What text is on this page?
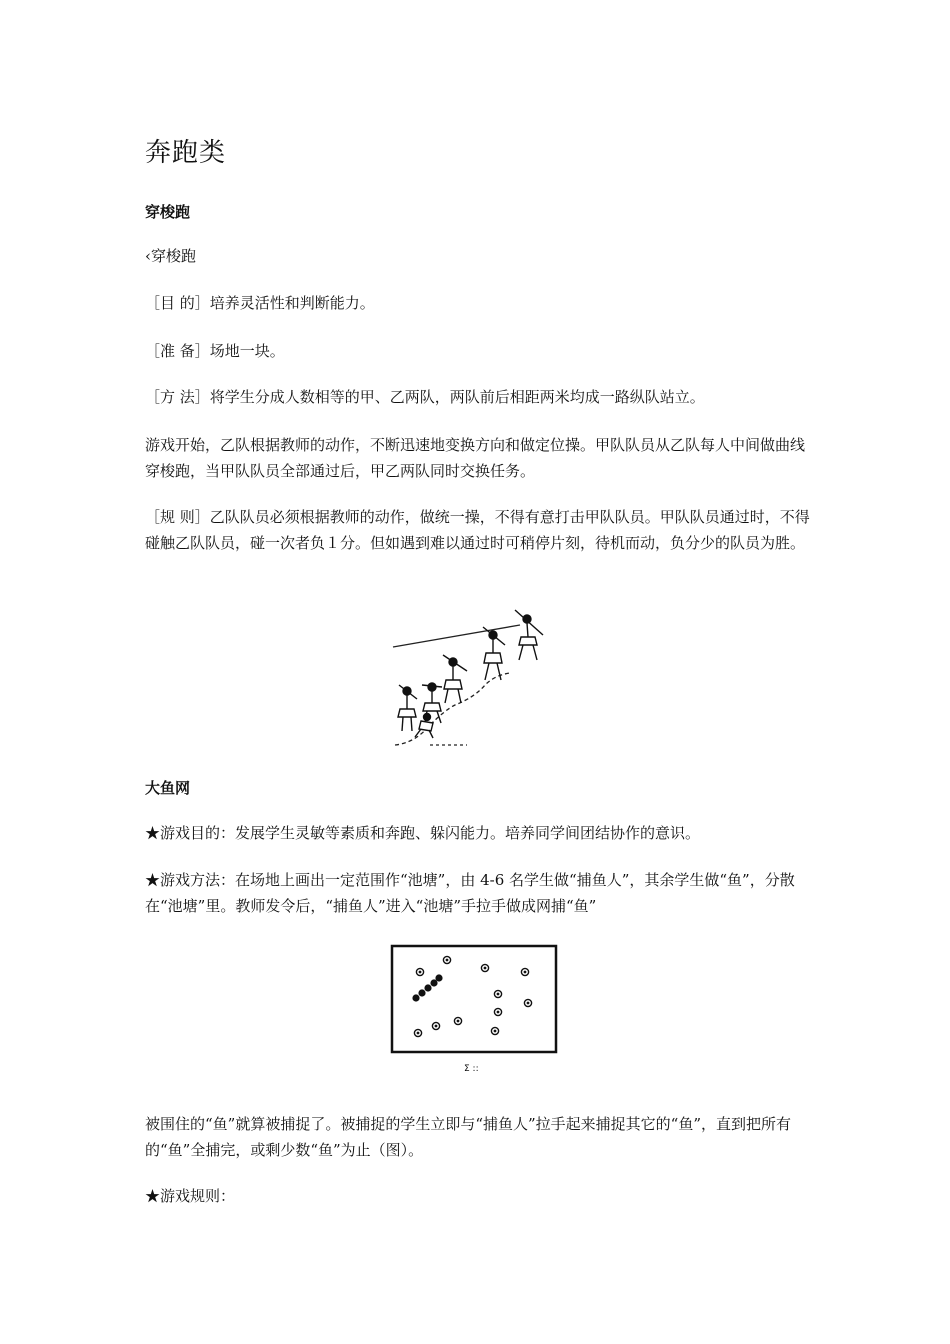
奔跑类
穿梭跑

‹穿梭跑

［目 的］培养灵活性和判断能力。

［准 备］场地一块。

［方 法］将学生分成人数相等的甲、乙两队，两队前后相距两米均成一路纵队站立。

游戏开始，乙队根据教师的动作，不断迅速地变换方向和做定位操。甲队队员从乙队每人中间做曲线穿梭跑，当甲队队员全部通过后，甲乙两队同时交换任务。

［规 则］乙队队员必须根据教师的动作，做统一操，不得有意打击甲队队员。甲队队员通过时，不得碰触乙队队员，碰一次者负１分。但如遇到难以通过时可稍停片刻，待机而动，负分少的队员为胜。

大鱼网

★游戏目的：发展学生灵敏等素质和奔跑、躲闪能力。培养同学间团结协作的意识。

★游戏方法：在场地上画出一定范围作“池塘”，由 4-6 名学生做“捕鱼人”，其余学生做“鱼”，分散在“池塘”里。教师发令后，“捕鱼人”进入“池塘”手拉手做成网捕“鱼”

Σ ::

被围住的“鱼”就算被捕捉了。被捕捉的学生立即与“捕鱼人”拉手起来捕捉其它的“鱼”，直到把所有的“鱼”全捕完，或剩少数“鱼”为止（图）。

★游戏规则：
